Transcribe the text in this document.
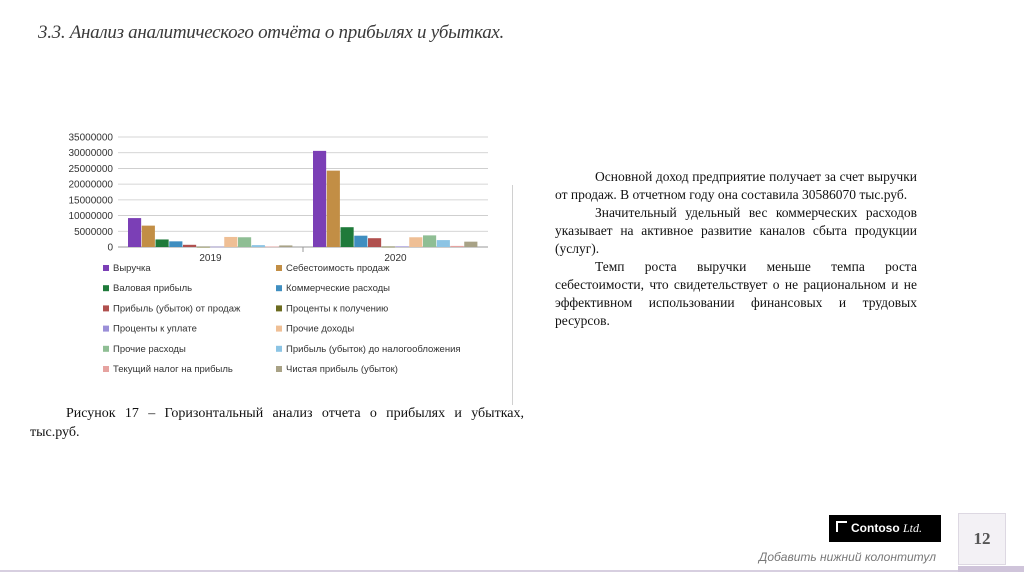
3.3. Анализ аналитического отчёта о прибылях и убытках.
0
5000000
10000000
15000000
20000000
25000000
30000000
35000000
2019	2020
Выручка	Себестоимость продаж
Валовая прибыль	Коммерческие расходы
Прибыль (убыток) от продаж	Проценты к получению
Проценты к уплате	Прочие доходы
Прочие расходы	Прибыль (убыток) до налогообложения
Текущий налог на прибыль	Чистая прибыль (убыток)

Рисунок 17 – Горизонтальный анализ отчета о прибылях и убытках, тыс.руб.

Основной доход предприятие получает за счет выручки от продаж. В отчетном году она составила 30586070 тыс.руб.

Значительный удельный вес коммерческих расходов указывает на активное развитие каналов сбыта продукции (услуг).

Темп роста выручки меньше темпа роста себестоимости, что свидетельствует о не рациональном и не эффективном использовании финансовых и трудовых ресурсов.

Contoso Ltd.
12
Добавить нижний колонтитул
